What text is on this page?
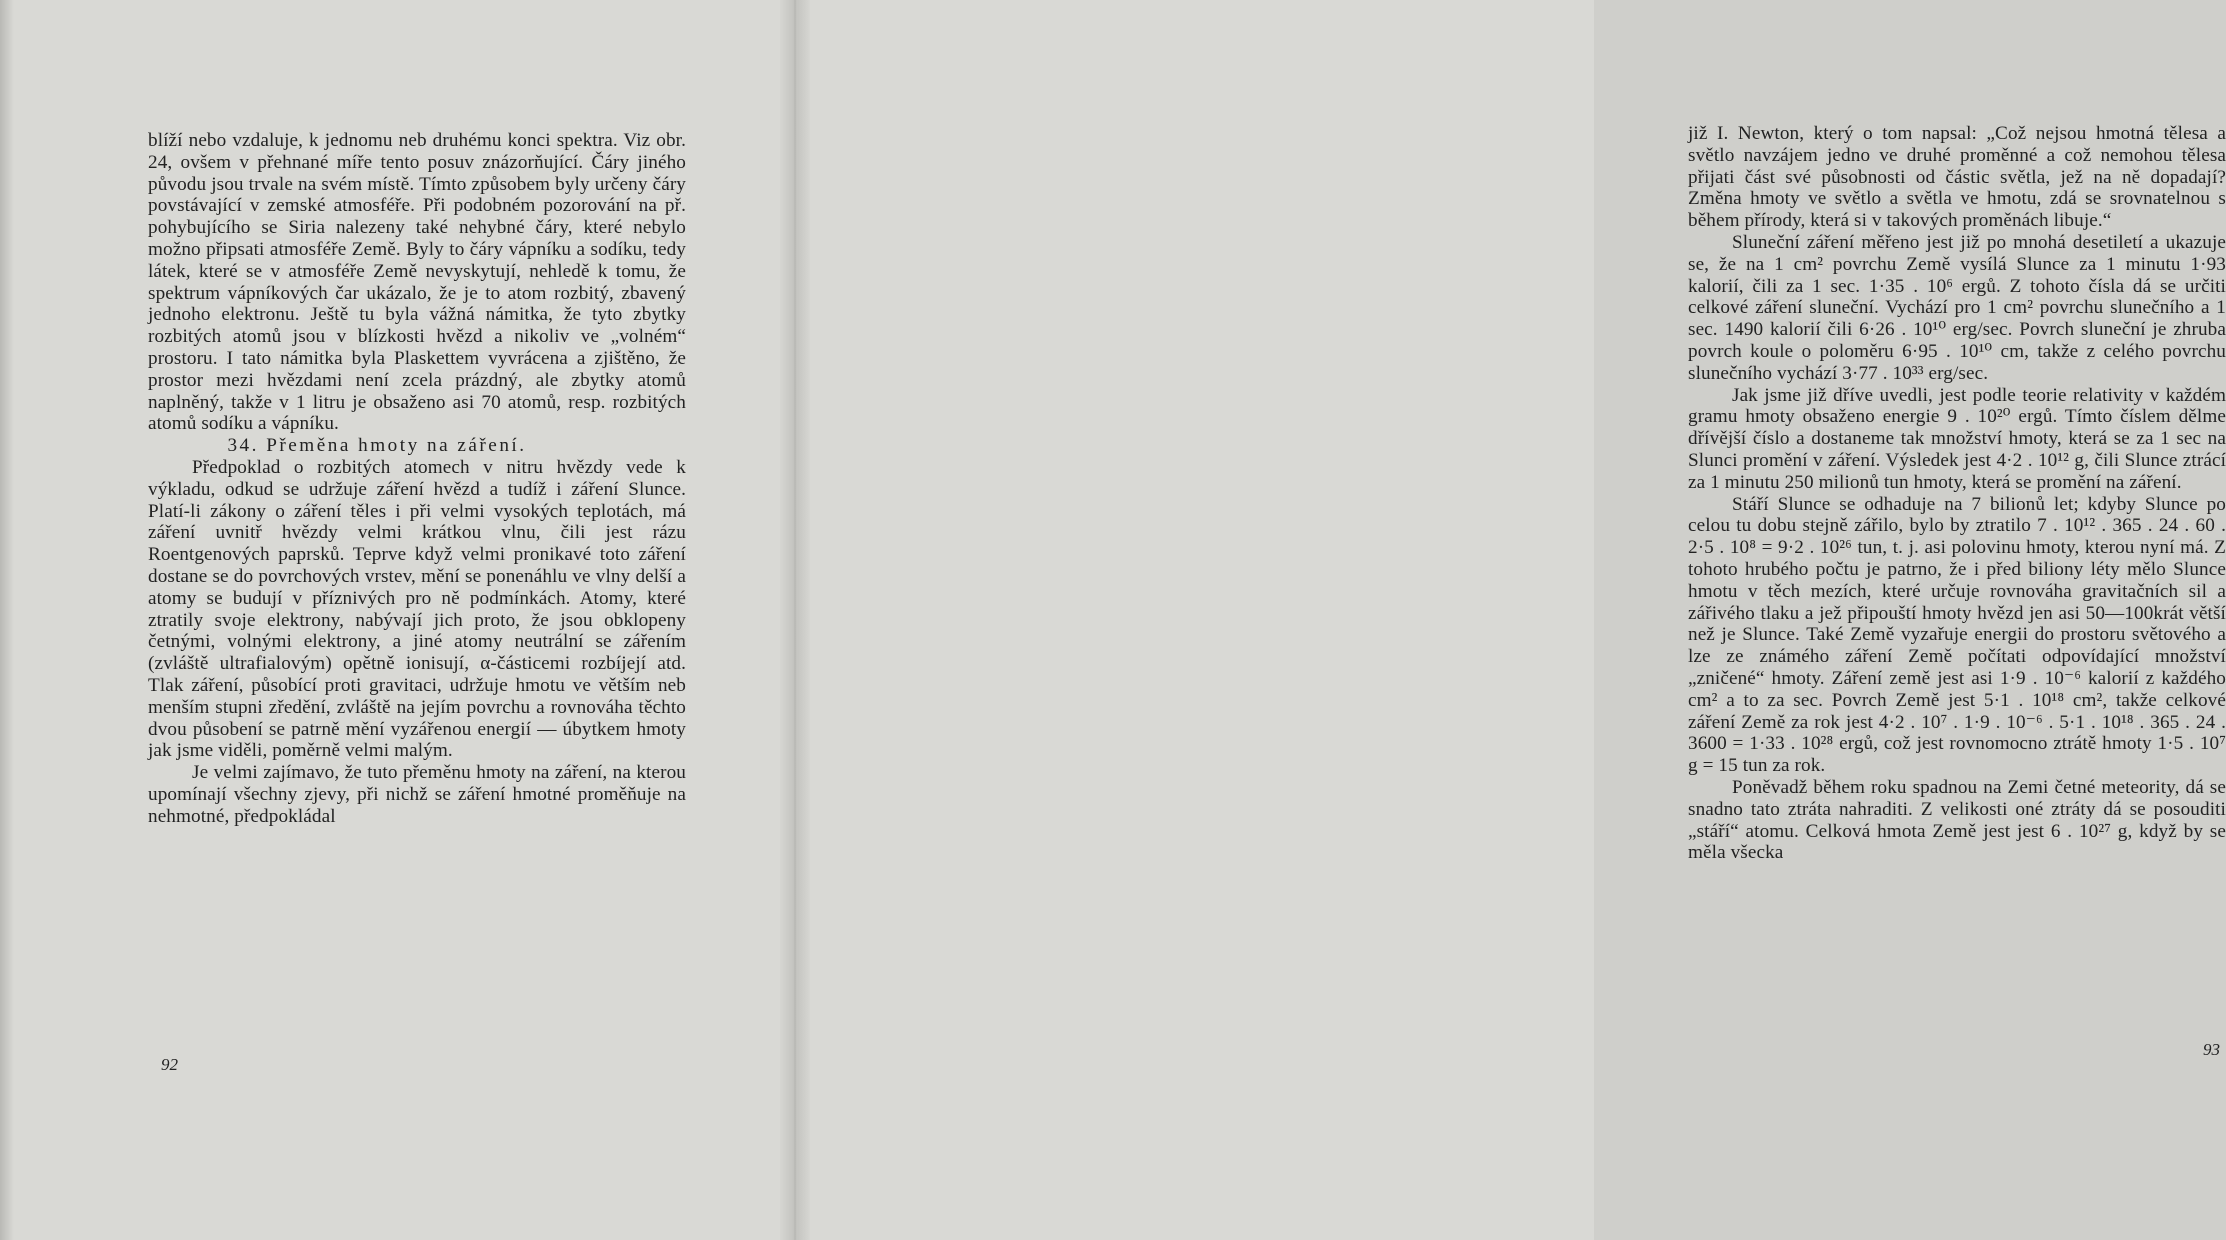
blíží nebo vzdaluje, k jednomu neb druhému konci spektra. Viz obr. 24, ovšem v přehnané míře tento posuv znázorňující. Čáry jiného původu jsou trvale na svém místě. Tímto způsobem byly určeny čáry povstávající v zemské atmosféře. Při podobném pozorování na př. pohybujícího se Siria nalezeny také nehybné čáry, které nebylo možno připsati atmosféře Země. Byly to čáry vápníku a sodíku, tedy látek, které se v atmosféře Země nevyskytují, nehledě k tomu, že spektrum vápníkových čar ukázalo, že je to atom rozbitý, zbavený jednoho elektronu. Ještě tu byla vážná námitka, že tyto zbytky rozbitých atomů jsou v blízkosti hvězd a nikoliv ve „volném“ prostoru. I tato námitka byla Plaskettem vyvrácena a zjištěno, že prostor mezi hvězdami není zcela prázdný, ale zbytky atomů naplněný, takže v 1 litru je obsaženo asi 70 atomů, resp. rozbitých atomů sodíku a vápníku.

34. Přeměna hmoty na záření.

Předpoklad o rozbitých atomech v nitru hvězdy vede k výkladu, odkud se udržuje záření hvězd a tudíž i záření Slunce. Platí-li zákony o záření těles i při velmi vysokých teplotách, má záření uvnitř hvězdy velmi krátkou vlnu, čili jest rázu Roentgenových paprsků. Teprve když velmi pronikavé toto záření dostane se do povrchových vrstev, mění se ponenáhlu ve vlny delší a atomy se budují v příznivých pro ně podmínkách. Atomy, které ztratily svoje elektrony, nabývají jich proto, že jsou obklopeny četnými, volnými elektrony, a jiné atomy neutrální se zářením (zvláště ultrafialovým) opětně ionisují, α-částicemi rozbíjejí atd. Tlak záření, působící proti gravitaci, udržuje hmotu ve větším neb menším stupni zředění, zvláště na jejím povrchu a rovnováha těchto dvou působení se patrně mění vyzářenou energií — úbytkem hmoty jak jsme viděli, poměrně velmi malým.

Je velmi zajímavo, že tuto přeměnu hmoty na záření, na kterou upomínají všechny zjevy, při nichž se záření hmotné proměňuje na nehmotné, předpokládal

92

již I. Newton, který o tom napsal: „Což nejsou hmotná tělesa a světlo navzájem jedno ve druhé proměnné a což nemohou tělesa přijati část své působnosti od částic světla, jež na ně dopadají? Změna hmoty ve světlo a světla ve hmotu, zdá se srovnatelnou s během přírody, která si v takových proměnách libuje.“

Sluneční záření měřeno jest již po mnohá desetiletí a ukazuje se, že na 1 cm² povrchu Země vysílá Slunce za 1 minutu 1·93 kalorií, čili za 1 sec. 1·35 . 10⁶ ergů. Z tohoto čísla dá se určiti celkové záření sluneční. Vychází pro 1 cm² povrchu slunečního a 1 sec. 1490 kalorií čili 6·26 . 10¹⁰ erg/sec. Povrch sluneční je zhruba povrch koule o poloměru 6·95 . 10¹⁰ cm, takže z celého povrchu slunečního vychází 3·77 . 10³³ erg/sec.

Jak jsme již dříve uvedli, jest podle teorie relativity v každém gramu hmoty obsaženo energie 9 . 10²⁰ ergů. Tímto číslem dělme dřívější číslo a dostaneme tak množství hmoty, která se za 1 sec na Slunci promění v záření. Výsledek jest 4·2 . 10¹² g, čili Slunce ztrácí za 1 minutu 250 milionů tun hmoty, která se promění na záření.

Stáří Slunce se odhaduje na 7 bilionů let; kdyby Slunce po celou tu dobu stejně zářilo, bylo by ztratilo 7 . 10¹² . 365 . 24 . 60 . 2·5 . 10⁸ = 9·2 . 10²⁶ tun, t. j. asi polovinu hmoty, kterou nyní má. Z tohoto hrubého počtu je patrno, že i před biliony léty mělo Slunce hmotu v těch mezích, které určuje rovnováha gravitačních sil a zářivého tlaku a jež připouští hmoty hvězd jen asi 50—100krát větší než je Slunce. Také Země vyzařuje energii do prostoru světového a lze ze známého záření Země počítati odpovídající množství „zničené“ hmoty. Záření země jest asi 1·9 . 10⁻⁶ kalorií z každého cm² a to za sec. Povrch Země jest 5·1 . 10¹⁸ cm², takže celkové záření Země za rok jest 4·2 . 10⁷ . 1·9 . 10⁻⁶ . 5·1 . 10¹⁸ . 365 . 24 . 3600 = 1·33 . 10²⁸ ergů, což jest rovnomocno ztrátě hmoty 1·5 . 10⁷ g = 15 tun za rok.

Poněvadž během roku spadnou na Zemi četné meteority, dá se snadno tato ztráta nahraditi. Z velikosti oné ztráty dá se posouditi „stáří“ atomu. Celková hmota Země jest jest 6 . 10²⁷ g, když by se měla všecka

93
